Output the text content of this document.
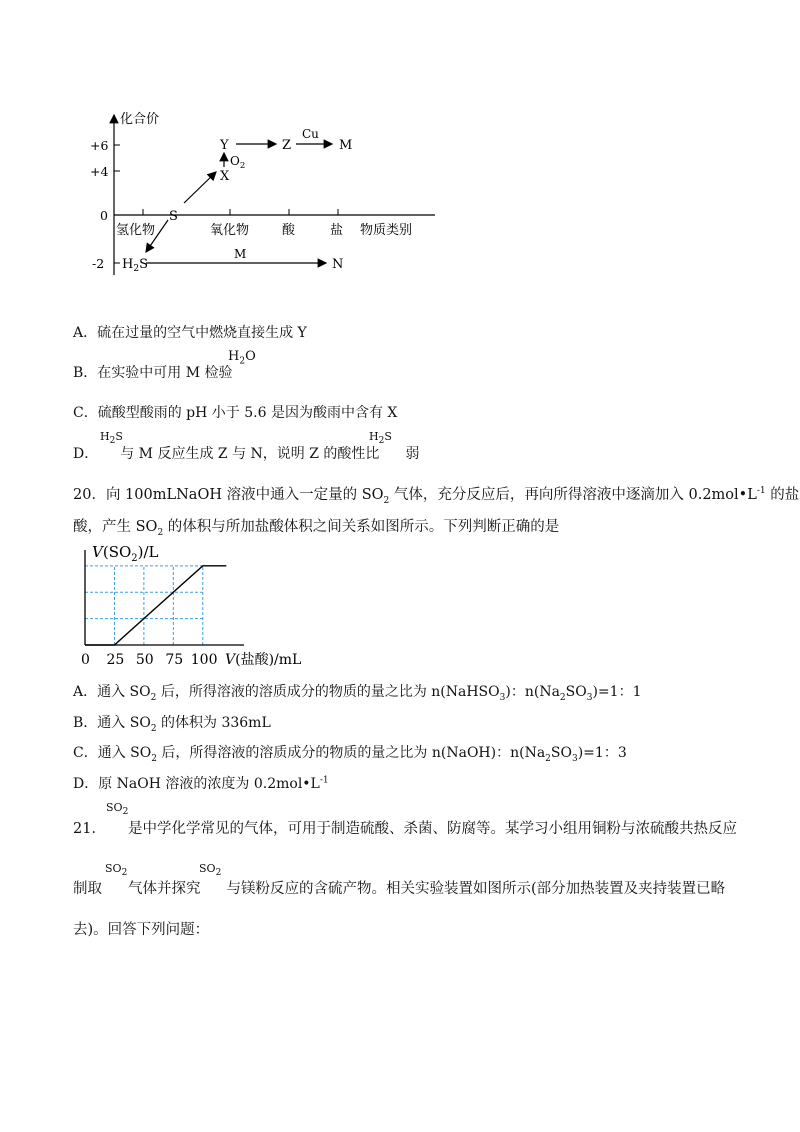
化合价
+6
+4
0
-2
氢化物	氧化物	酸	盐 物质类别
S
Y
X
Z	M
N
$H_2S$
$O_2$
Cu
M
A．硫在过量的空气中燃烧直接生成 Y
B．在实验中可用 M 检验
$H_2O$
C．硫酸型酸雨的 pH 小于 5.6 是因为酸雨中含有 X
D． 与 M 反应生成 Z 与 N，说明 Z 的酸性比 弱
$H_2S$	$H_2S$
20．向 100mLNaOH 溶液中通入一定量的 $SO_2$ 气体，充分反应后，再向所得溶液中逐滴加入 $0.2mol•L^{-1}$ 的盐
酸，产生 $SO_2$ 的体积与所加盐酸体积之间关系如图所示。下列判断正确的是
0 25 50 75 100
$V(SO_2)/L$
V(盐酸)/mL
A．通入 $SO_2$ 后，所得溶液的溶质成分的物质的量之比为 n(NaHSO$_3$)：$n(Na_2SO_3)=1$：1
B．通入 $SO_2$ 的体积为 336mL
C．通入 $SO_2$ 后，所得溶液的溶质成分的物质的量之比为 n(NaOH)：$n(Na_2SO_3)=1$：3
D．原 NaOH 溶液的浓度为 $0.2mol•L^{-1}$
21． 是中学化学常见的气体，可用于制造硫酸、杀菌、防腐等。某学习小组用铜粉与浓硫酸共热反应
$SO_2$
制取 气体并探究 与镁粉反应的含硫产物。相关实验装置如图所示(部分加热装置及夹持装置已略
$SO_2$	$SO_2$
去)。回答下列问题：
